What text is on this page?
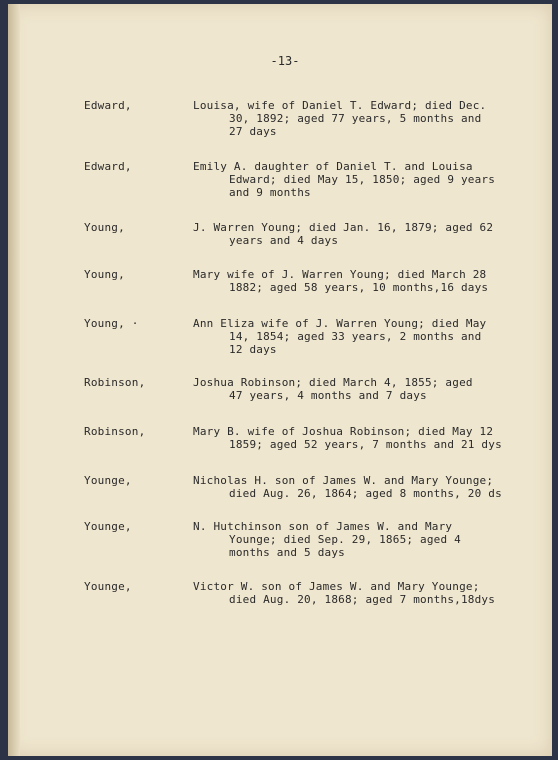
-13-
Edward,	Louisa, wife of Daniel T. Edward; died Dec.
30, 1892; aged 77 years, 5 months and
27 days
Edward,	Emily A. daughter of Daniel T. and Louisa
Edward; died May 15, 1850; aged 9 years
and 9 months
Young,	J. Warren Young; died Jan. 16, 1879; aged 62
years and 4 days
Young,	Mary wife of J. Warren Young; died March 28
1882; aged 58 years, 10 months,16 days
Young, ·	Ann Eliza wife of J. Warren Young; died May
14, 1854; aged 33 years, 2 months and
12 days
Robinson,	Joshua Robinson; died March 4, 1855; aged
47 years, 4 months and 7 days
Robinson,	Mary B. wife of Joshua Robinson; died May 12
1859; aged 52 years, 7 months and 21 dys
Younge,	Nicholas H. son of James W. and Mary Younge;
died Aug. 26, 1864; aged 8 months, 20 ds
Younge,	N. Hutchinson son of James W. and Mary
Younge; died Sep. 29, 1865; aged 4
months and 5 days
Younge,	Victor W. son of James W. and Mary Younge;
died Aug. 20, 1868; aged 7 months,18dys
